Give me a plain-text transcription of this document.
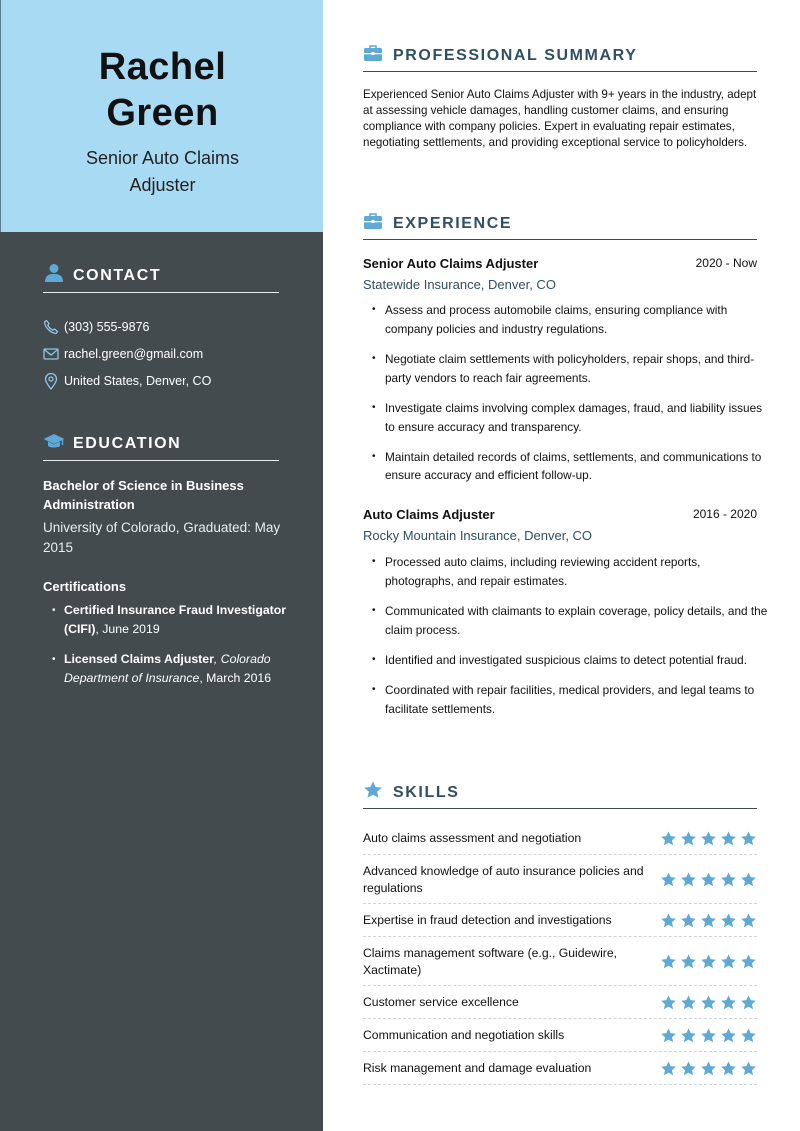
Rachel
Green
Senior Auto Claims
Adjuster
CONTACT
(303) 555-9876
rachel.green@gmail.com
United States, Denver, CO
EDUCATION
Bachelor of Science in Business Administration
University of Colorado, Graduated: May 2015
Certifications
• Certified Insurance Fraud Investigator (CIFI), June 2019
• Licensed Claims Adjuster, Colorado Department of Insurance, March 2016
PROFESSIONAL SUMMARY
Experienced Senior Auto Claims Adjuster with 9+ years in the industry, adept at assessing vehicle damages, handling customer claims, and ensuring compliance with company policies. Expert in evaluating repair estimates, negotiating settlements, and providing exceptional service to policyholders.
EXPERIENCE
Senior Auto Claims Adjuster	2020 - Now
Statewide Insurance, Denver, CO
• Assess and process automobile claims, ensuring compliance with company policies and industry regulations.
• Negotiate claim settlements with policyholders, repair shops, and third-party vendors to reach fair agreements.
• Investigate claims involving complex damages, fraud, and liability issues to ensure accuracy and transparency.
• Maintain detailed records of claims, settlements, and communications to ensure accuracy and efficient follow-up.
Auto Claims Adjuster	2016 - 2020
Rocky Mountain Insurance, Denver, CO
• Processed auto claims, including reviewing accident reports, photographs, and repair estimates.
• Communicated with claimants to explain coverage, policy details, and the claim process.
• Identified and investigated suspicious claims to detect potential fraud.
• Coordinated with repair facilities, medical providers, and legal teams to facilitate settlements.
SKILLS
Auto claims assessment and negotiation
Advanced knowledge of auto insurance policies and regulations
Expertise in fraud detection and investigations
Claims management software (e.g., Guidewire, Xactimate)
Customer service excellence
Communication and negotiation skills
Risk management and damage evaluation
